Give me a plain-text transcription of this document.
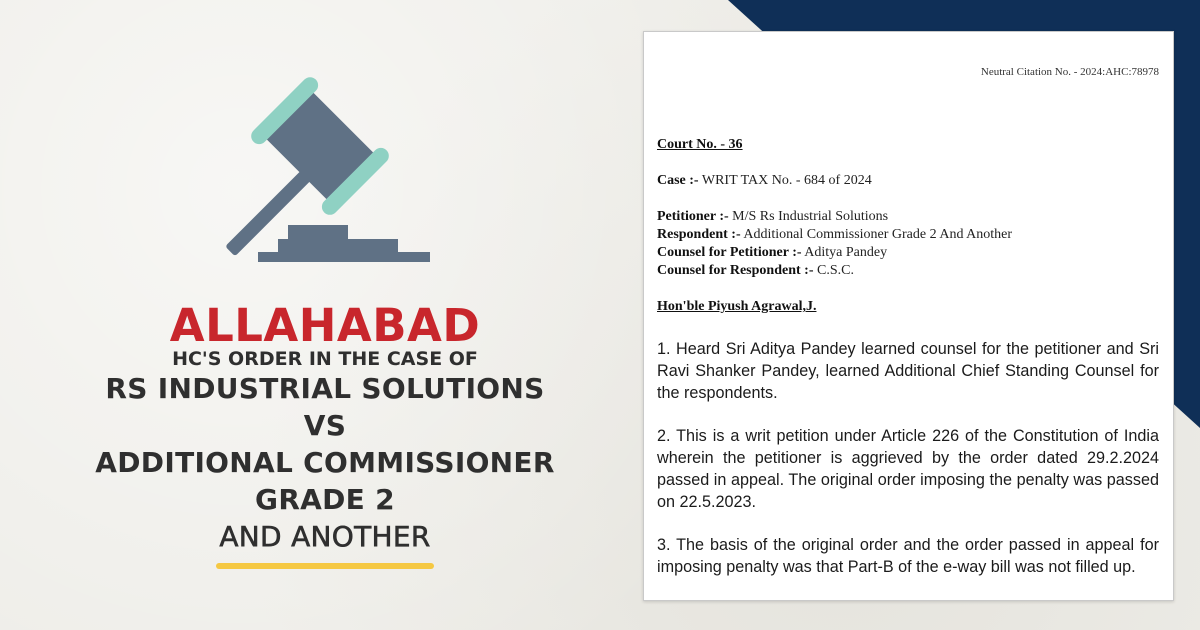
ALLAHABAD
HC'S ORDER IN THE CASE OF
RS INDUSTRIAL SOLUTIONS
VS
ADDITIONAL COMMISSIONER
GRADE 2
AND ANOTHER
Neutral Citation No. - 2024:AHC:78978
Court No. - 36
Case :- WRIT TAX No. - 684 of 2024
Petitioner :- M/S Rs Industrial Solutions
Respondent :- Additional Commissioner Grade 2 And Another
Counsel for Petitioner :- Aditya Pandey
Counsel for Respondent :- C.S.C.
Hon'ble Piyush Agrawal,J.

1. Heard Sri Aditya Pandey learned counsel for the petitioner and Sri Ravi Shanker Pandey, learned Additional Chief Standing Counsel for the respondents.

2. This is a writ petition under Article 226 of the Constitution of India wherein the petitioner is aggrieved by the order dated 29.2.2024 passed in appeal. The original order imposing the penalty was passed on 22.5.2023.

3. The basis of the original order and the order passed in appeal for imposing penalty was that Part-B of the e-way bill was not filled up.
